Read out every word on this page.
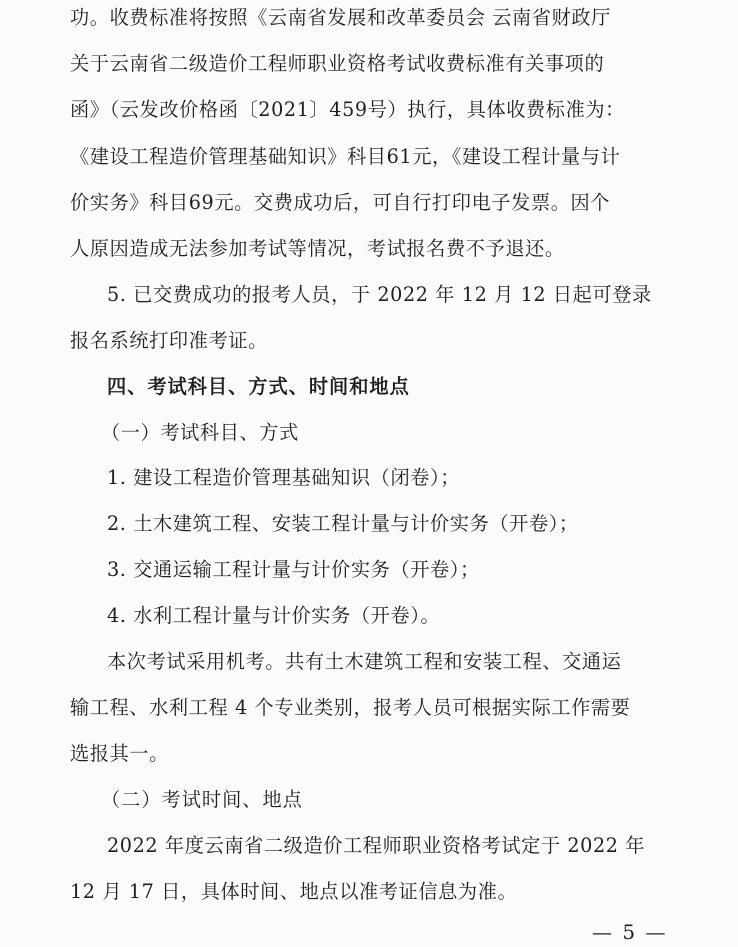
功。收费标准将按照《云南省发展和改革委员会 云南省财政厅
关于云南省二级造价工程师职业资格考试收费标准有关事项的
函》（云发改价格函〔2021〕459号）执行，具体收费标准为：
《建设工程造价管理基础知识》科目61元，《建设工程计量与计
价实务》科目69元。交费成功后，可自行打印电子发票。因个
人原因造成无法参加考试等情况，考试报名费不予退还。
5. 已交费成功的报考人员，于 2022 年 12 月 12 日起可登录
报名系统打印准考证。
四、考试科目、方式、时间和地点
（一）考试科目、方式
1. 建设工程造价管理基础知识（闭卷）；
2. 土木建筑工程、安装工程计量与计价实务（开卷）；
3. 交通运输工程计量与计价实务（开卷）；
4. 水利工程计量与计价实务（开卷）。
本次考试采用机考。共有土木建筑工程和安装工程、交通运
输工程、水利工程 4 个专业类别，报考人员可根据实际工作需要
选报其一。
（二）考试时间、地点
2022 年度云南省二级造价工程师职业资格考试定于 2022 年
12 月 17 日，具体时间、地点以准考证信息为准。
— 5 —
